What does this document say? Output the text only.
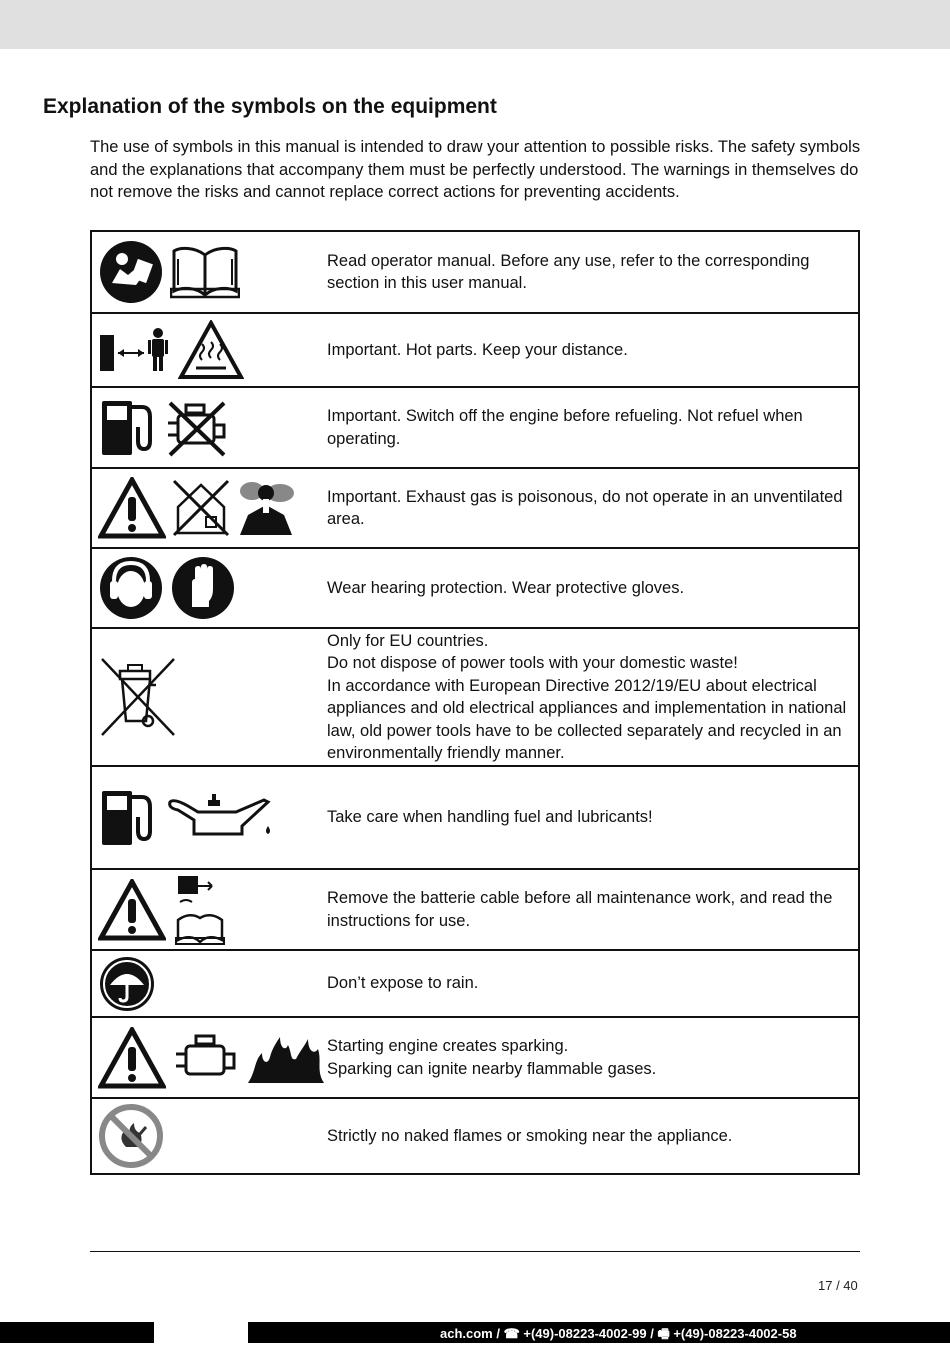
Explanation of the symbols on the equipment

The use of symbols in this manual is intended to draw your attention to possible risks. The safety symbols and the explanations that accompany them must be perfectly understood. The warnings in themselves do not remove the risks and cannot replace correct actions for preventing accidents.

Read operator manual. Before any use, refer to the corresponding section in this user manual.

Important. Hot parts. Keep your distance.

Important. Switch off the engine before refueling. Not refuel when operating.

Important. Exhaust gas is poisonous, do not operate in an unventilated area.

Wear hearing protection. Wear protective gloves.

Only for EU countries.
Do not dispose of power tools with your domestic waste!
In accordance with European Directive 2012/19/EU about electrical appliances and old electrical appliances and implementation in national law, old power tools have to be collected separately and recycled in an environmentally friendly manner.

Take care when handling fuel and lubricants!

Remove the batterie cable before all maintenance work, and read the instructions for use.

Don’t expose to rain.

Starting engine creates sparking.
Sparking can ignite nearby flammable gases.

Strictly no naked flames or smoking near the appliance.
17 / 40
ach.com / ☎ +(49)-08223-4002-99 / 🖷 +(49)-08223-4002-58
